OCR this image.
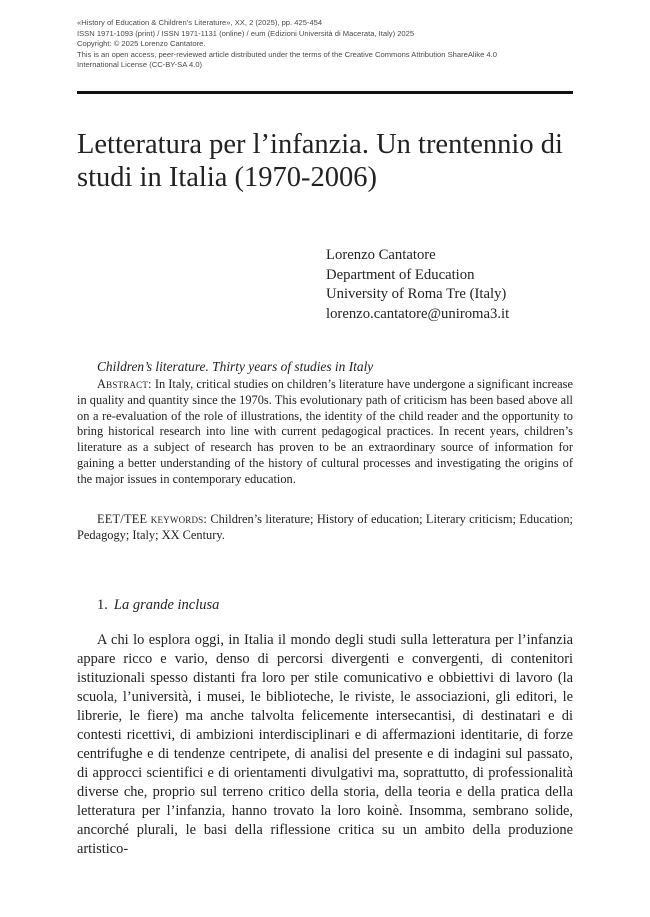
«History of Education & Children’s Literature», XX, 2 (2025), pp. 425-454
ISSN 1971-1093 (print) / ISSN 1971-1131 (online) / eum (Edizioni Università di Macerata, Italy) 2025
Copyright: © 2025 Lorenzo Cantatore.
This is an open access, peer-reviewed article distributed under the terms of the Creative Commons Attribution ShareAlike 4.0
International License (CC-BY-SA 4.0)
Letteratura per l’infanzia. Un trentennio di studi in Italia (1970-2006)
Lorenzo Cantatore
Department of Education
University of Roma Tre (Italy)
lorenzo.cantatore@uniroma3.it
Children’s literature. Thirty years of studies in Italy

Abstract: In Italy, critical studies on children’s literature have undergone a significant increase in quality and quantity since the 1970s. This evolutionary path of criticism has been based above all on a re-evaluation of the role of illustrations, the identity of the child reader and the opportunity to bring historical research into line with current pedagogical practices. In recent years, children’s literature as a subject of research has proven to be an extraordinary source of information for gaining a better understanding of the history of cultural processes and investigating the origins of the major issues in contemporary education.

EET/TEE keywords: Children’s literature; History of education; Literary criticism; Education; Pedagogy; Italy; XX Century.

1. La grande inclusa

A chi lo esplora oggi, in Italia il mondo degli studi sulla letteratura per l’infanzia appare ricco e vario, denso di percorsi divergenti e convergenti, di contenitori istituzionali spesso distanti fra loro per stile comunicativo e obbiettivi di lavoro (la scuola, l’università, i musei, le biblioteche, le riviste, le associazioni, gli editori, le librerie, le fiere) ma anche talvolta felicemente intersecantisi, di destinatari e di contesti ricettivi, di ambizioni interdisciplinari e di affermazioni identitarie, di forze centrifughe e di tendenze centripete, di analisi del presente e di indagini sul passato, di approcci scientifici e di orientamenti divulgativi ma, soprattutto, di professionalità diverse che, proprio sul terreno critico della storia, della teoria e della pratica della letteratura per l’infanzia, hanno trovato la loro koinè. Insomma, sembrano solide, ancorché plurali, le basi della riflessione critica su un ambito della produzione artistico-
